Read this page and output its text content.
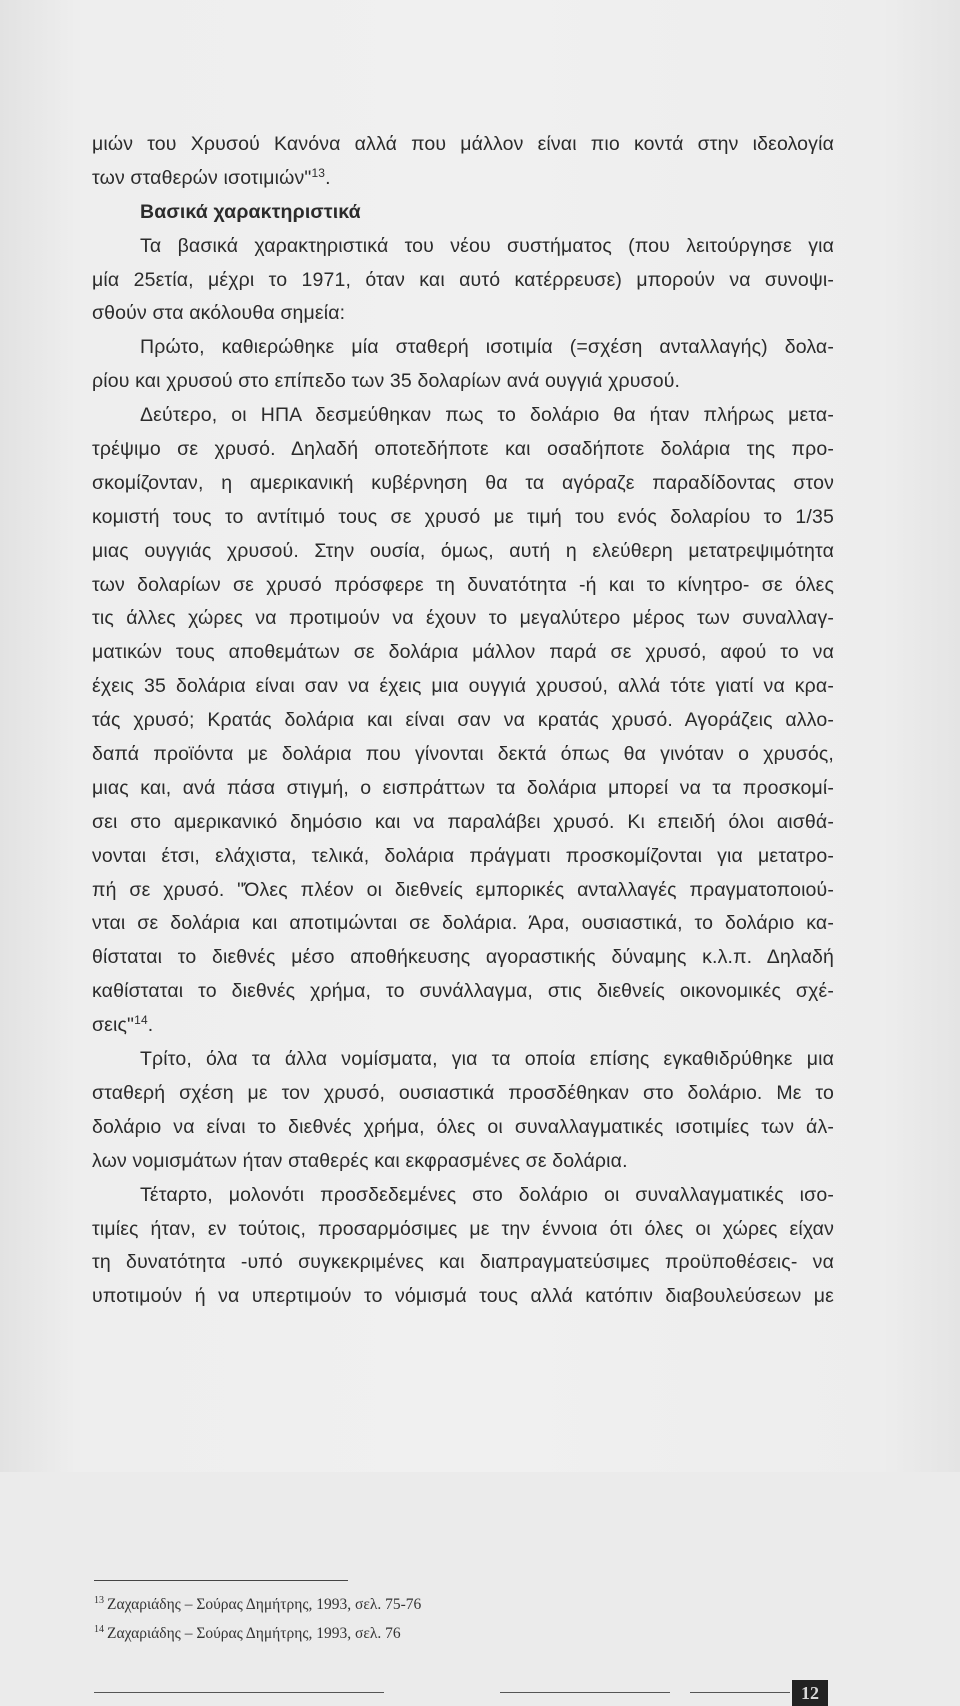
μιών του Χρυσού Κανόνα αλλά που μάλλον είναι πιο κοντά στην ιδεολογία
των σταθερών ισοτιμιών"$^{13}$.
Βασικά χαρακτηριστικά
Τα βασικά χαρακτηριστικά του νέου συστήματος (που λειτούργησε για
μία 25ετία, μέχρι το 1971, όταν και αυτό κατέρρευσε) μπορούν να συνοψι-
σθούν στα ακόλουθα σημεία:
Πρώτο, καθιερώθηκε μία σταθερή ισοτιμία (=σχέση ανταλλαγής) δολα-
ρίου και χρυσού στο επίπεδο των 35 δολαρίων ανά ουγγιά χρυσού.
Δεύτερο, οι ΗΠΑ δεσμεύθηκαν πως το δολάριο θα ήταν πλήρως μετα-
τρέψιμο σε χρυσό. Δηλαδή οποτεδήποτε και οσαδήποτε δολάρια της προ-
σκομίζονταν, η αμερικανική κυβέρνηση θα τα αγόραζε παραδίδοντας στον
κομιστή τους το αντίτιμό τους σε χρυσό με τιμή του ενός δολαρίου το 1/35
μιας ουγγιάς χρυσού. Στην ουσία, όμως, αυτή η ελεύθερη μετατρεψιμότητα
των δολαρίων σε χρυσό πρόσφερε τη δυνατότητα -ή και το κίνητρο- σε όλες
τις άλλες χώρες να προτιμούν να έχουν το μεγαλύτερο μέρος των συναλλαγ-
ματικών τους αποθεμάτων σε δολάρια μάλλον παρά σε χρυσό, αφού το να
έχεις 35 δολάρια είναι σαν να έχεις μια ουγγιά χρυσού, αλλά τότε γιατί να κρα-
τάς χρυσό; Κρατάς δολάρια και είναι σαν να κρατάς χρυσό. Αγοράζεις αλλο-
δαπά προϊόντα με δολάρια που γίνονται δεκτά όπως θα γινόταν ο χρυσός,
μιας και, ανά πάσα στιγμή, ο εισπράττων τα δολάρια μπορεί να τα προσκομί-
σει στο αμερικανικό δημόσιο και να παραλάβει χρυσό. Κι επειδή όλοι αισθά-
νονται έτσι, ελάχιστα, τελικά, δολάρια πράγματι προσκομίζονται για μετατρο-
πή σε χρυσό. "Όλες πλέον οι διεθνείς εμπορικές ανταλλαγές πραγματοποιού-
νται σε δολάρια και αποτιμώνται σε δολάρια. Άρα, ουσιαστικά, το δολάριο κα-
θίσταται το διεθνές μέσο αποθήκευσης αγοραστικής δύναμης κ.λ.π. Δηλαδή
καθίσταται το διεθνές χρήμα, το συνάλλαγμα, στις διεθνείς οικονομικές σχέ-
σεις"$^{14}$.
Τρίτο, όλα τα άλλα νομίσματα, για τα οποία επίσης εγκαθιδρύθηκε μια
σταθερή σχέση με τον χρυσό, ουσιαστικά προσδέθηκαν στο δολάριο. Με το
δολάριο να είναι το διεθνές χρήμα, όλες οι συναλλαγματικές ισοτιμίες των άλ-
λων νομισμάτων ήταν σταθερές και εκφρασμένες σε δολάρια.
Τέταρτο, μολονότι προσδεδεμένες στο δολάριο οι συναλλαγματικές ισο-
τιμίες ήταν, εν τούτοις, προσαρμόσιμες με την έννοια ότι όλες οι χώρες είχαν
τη δυνατότητα -υπό συγκεκριμένες και διαπραγματεύσιμες προϋποθέσεις- να
υποτιμούν ή να υπερτιμούν το νόμισμά τους αλλά κατόπιν διαβουλεύσεων με
$^{13}$ Ζαχαριάδης – Σούρας Δημήτρης, 1993, σελ. 75-76
$^{14}$ Ζαχαριάδης – Σούρας Δημήτρης, 1993, σελ. 76
12
